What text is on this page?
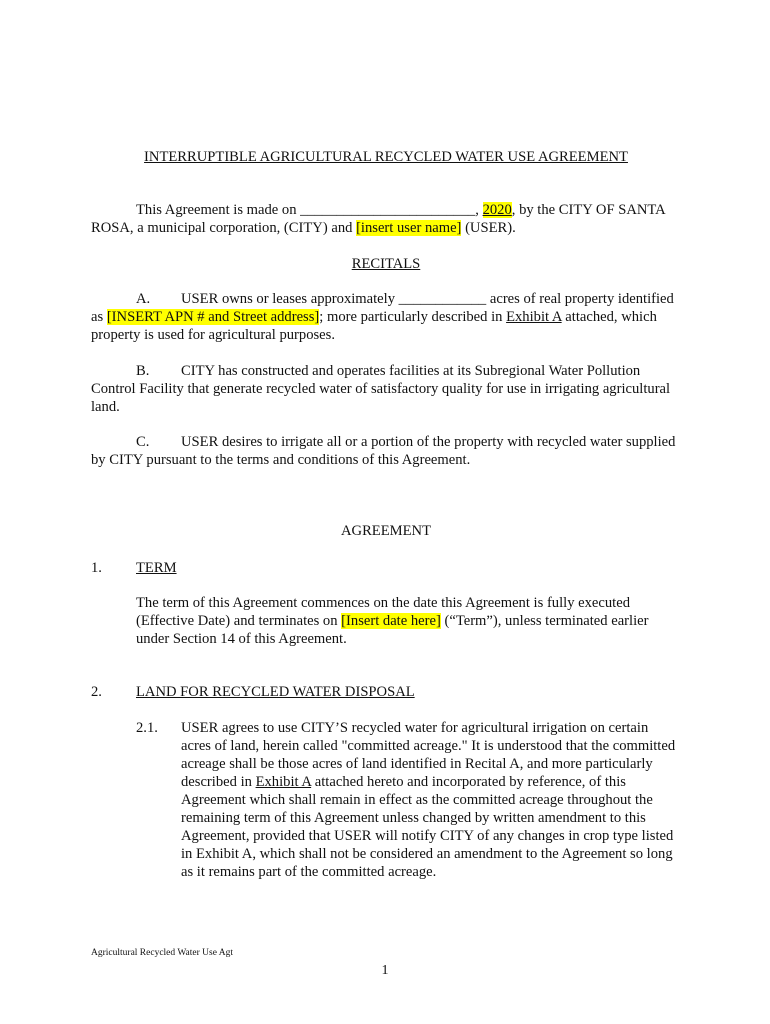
INTERRUPTIBLE AGRICULTURAL RECYCLED WATER USE AGREEMENT
This Agreement is made on ________________________, 2020, by the CITY OF SANTA ROSA, a municipal corporation, (CITY) and [insert user name] (USER).
RECITALS
A. USER owns or leases approximately ____________ acres of real property identified as [INSERT APN # and Street address]; more particularly described in Exhibit A attached, which property is used for agricultural purposes.
B. CITY has constructed and operates facilities at its Subregional Water Pollution Control Facility that generate recycled water of satisfactory quality for use in irrigating agricultural land.
C. USER desires to irrigate all or a portion of the property with recycled water supplied by CITY pursuant to the terms and conditions of this Agreement.
AGREEMENT
1. TERM
The term of this Agreement commences on the date this Agreement is fully executed (Effective Date) and terminates on [Insert date here] (“Term”), unless terminated earlier under Section 14 of this Agreement.
2. LAND FOR RECYCLED WATER DISPOSAL
2.1. USER agrees to use CITY’S recycled water for agricultural irrigation on certain acres of land, herein called "committed acreage." It is understood that the committed acreage shall be those acres of land identified in Recital A, and more particularly described in Exhibit A attached hereto and incorporated by reference, of this Agreement which shall remain in effect as the committed acreage throughout the remaining term of this Agreement unless changed by written amendment to this Agreement, provided that USER will notify CITY of any changes in crop type listed in Exhibit A, which shall not be considered an amendment to the Agreement so long as it remains part of the committed acreage.
Agricultural Recycled Water Use Agt
1
